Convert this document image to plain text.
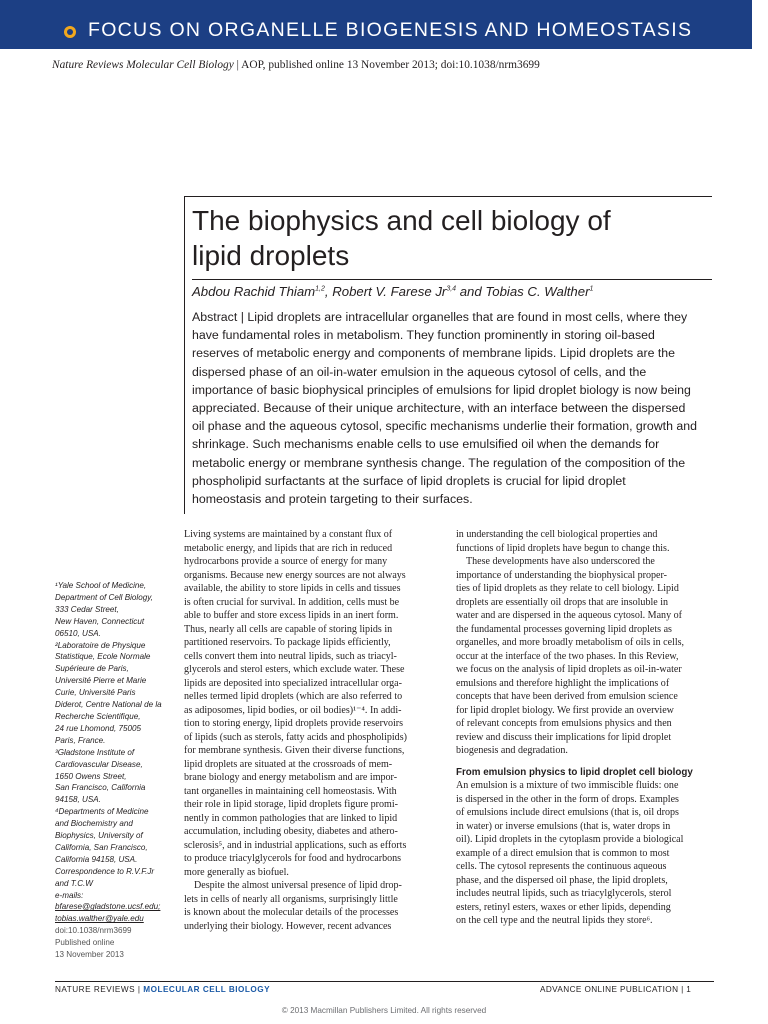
FOCUS ON ORGANELLE BIOGENESIS AND HOMEOSTASIS
Nature Reviews Molecular Cell Biology | AOP, published online 13 November 2013; doi:10.1038/nrm3699
The biophysics and cell biology of
lipid droplets
Abdou Rachid Thiam$^{1,2}$, Robert V. Farese Jr$^{3,4}$ and Tobias C. Walther$^1$
Abstract | Lipid droplets are intracellular organelles that are found in most cells, where they
have fundamental roles in metabolism. They function prominently in storing oil-based
reserves of metabolic energy and components of membrane lipids. Lipid droplets are the
dispersed phase of an oil-in-water emulsion in the aqueous cytosol of cells, and the
importance of basic biophysical principles of emulsions for lipid droplet biology is now being
appreciated. Because of their unique architecture, with an interface between the dispersed
oil phase and the aqueous cytosol, specific mechanisms underlie their formation, growth and
shrinkage. Such mechanisms enable cells to use emulsified oil when the demands for
metabolic energy or membrane synthesis change. The regulation of the composition of the
phospholipid surfactants at the surface of lipid droplets is crucial for lipid droplet
homeostasis and protein targeting to their surfaces.
¹Yale School of Medicine,
Department of Cell Biology,
333 Cedar Street,
New Haven, Connecticut
06510, USA.
²Laboratoire de Physique
Statistique, Ecole Normale
Supérieure de Paris,
Université Pierre et Marie
Curie, Université Paris
Diderot, Centre National de la
Recherche Scientifique,
24 rue Lhomond, 75005
Paris, France.
³Gladstone Institute of
Cardiovascular Disease,
1650 Owens Street,
San Francisco, California
94158, USA.
⁴Departments of Medicine
and Biochemistry and
Biophysics, University of
California, San Francisco,
California 94158, USA.
Correspondence to R.V.F.Jr
and T.C.W
e-mails:
bfarese@gladstone.ucsf.edu;
tobias.walther@yale.edu
doi:10.1038/nrm3699
Published online
13 November 2013
Living systems are maintained by a constant flux of
metabolic energy, and lipids that are rich in reduced
hydrocarbons provide a source of energy for many
organisms. Because new energy sources are not always
available, the ability to store lipids in cells and tissues
is often crucial for survival. In addition, cells must be
able to buffer and store excess lipids in an inert form.
Thus, nearly all cells are capable of storing lipids in
partitioned reservoirs. To package lipids efficiently,
cells convert them into neutral lipids, such as triacyl-
glycerols and sterol esters, which exclude water. These
lipids are deposited into specialized intracellular orga-
nelles termed lipid droplets (which are also referred to
as adiposomes, lipid bodies, or oil bodies)¹⁻⁴. In addi-
tion to storing energy, lipid droplets provide reservoirs
of lipids (such as sterols, fatty acids and phospholipids)
for membrane synthesis. Given their diverse functions,
lipid droplets are situated at the crossroads of mem-
brane biology and energy metabolism and are impor-
tant organelles in maintaining cell homeostasis. With
their role in lipid storage, lipid droplets figure promi-
nently in common pathologies that are linked to lipid
accumulation, including obesity, diabetes and athero-
sclerosis⁵, and in industrial applications, such as efforts
to produce triacylglycerols for food and hydrocarbons
more generally as biofuel.
Despite the almost universal presence of lipid drop-
lets in cells of nearly all organisms, surprisingly little
is known about the molecular details of the processes
underlying their biology. However, recent advances
in understanding the cell biological properties and
functions of lipid droplets have begun to change this.
These developments have also underscored the
importance of understanding the biophysical proper-
ties of lipid droplets as they relate to cell biology. Lipid
droplets are essentially oil drops that are insoluble in
water and are dispersed in the aqueous cytosol. Many of
the fundamental processes governing lipid droplets as
organelles, and more broadly metabolism of oils in cells,
occur at the interface of the two phases. In this Review,
we focus on the analysis of lipid droplets as oil-in-water
emulsions and therefore highlight the implications of
concepts that have been derived from emulsion science
for lipid droplet biology. We first provide an overview
of relevant concepts from emulsions physics and then
review and discuss their implications for lipid droplet
biogenesis and degradation.
From emulsion physics to lipid droplet cell biology
An emulsion is a mixture of two immiscible fluids: one
is dispersed in the other in the form of drops. Examples
of emulsions include direct emulsions (that is, oil drops
in water) or inverse emulsions (that is, water drops in
oil). Lipid droplets in the cytoplasm provide a biological
example of a direct emulsion that is common to most
cells. The cytosol represents the continuous aqueous
phase, and the dispersed oil phase, the lipid droplets,
includes neutral lipids, such as triacylglycerols, sterol
esters, retinyl esters, waxes or ether lipids, depending
on the cell type and the neutral lipids they store⁶.
NATURE REVIEWS | MOLECULAR CELL BIOLOGY	ADVANCE ONLINE PUBLICATION | 1
© 2013 Macmillan Publishers Limited. All rights reserved
